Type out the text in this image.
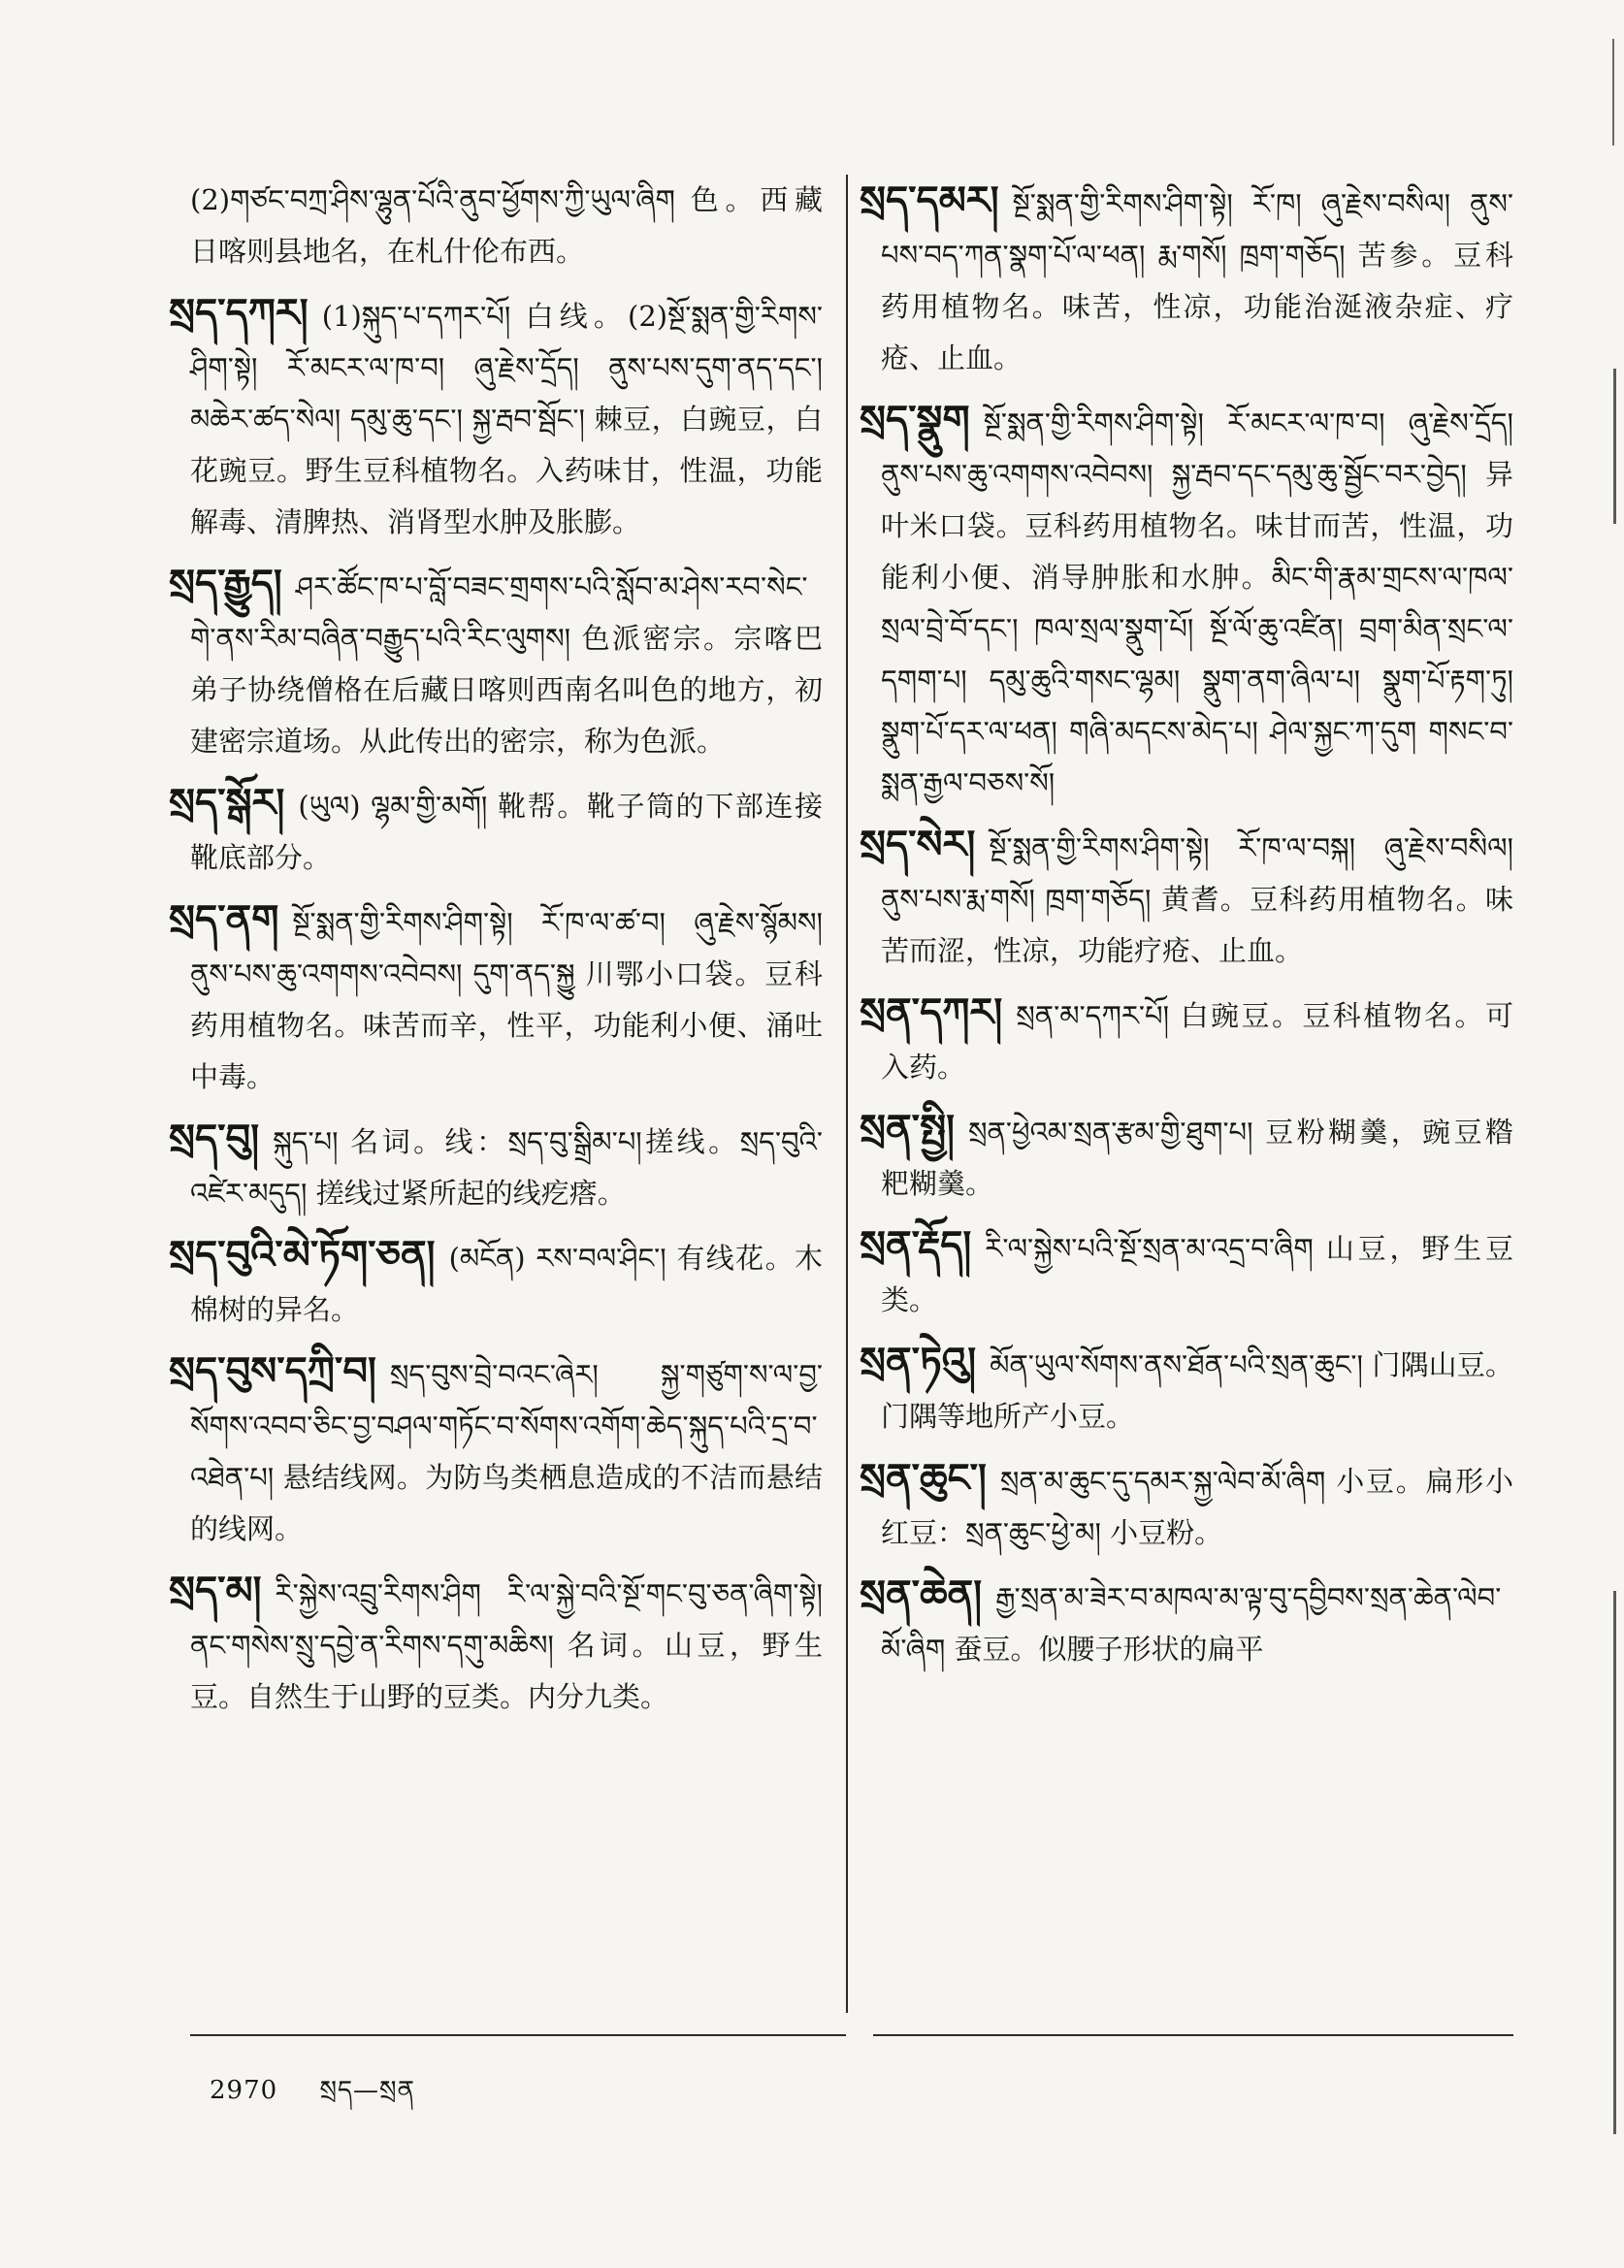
(2)གཙང་བཀྲ་ཤིས་ལྷུན་པོའི་ནུབ་ཕྱོགས་ཀྱི་ཡུལ་ཞིག 色。西藏日喀则县地名，在札什伦布西。

སྲད་དཀར། (1)སྐུད་པ་དཀར་པོ། 白线。(2)སྔོ་སྨན་གྱི་རིགས་ཤིག་སྟེ། རོ་མངར་ལ་ཁ་བ། ཞུ་རྗེས་དྲོད། ནུས་པས་དུག་ནད་དང་། མཆེར་ཚད་སེལ། དམུ་ཆུ་དང་། སྐྱ་རྦབ་སྦོང་། 棘豆，白豌豆，白花豌豆。野生豆科植物名。入药味甘，性温，功能解毒、清脾热、消肾型水肿及胀膨。

སྲད་རྒྱུད། ཤར་ཚོང་ཁ་པ་བློ་བཟང་གྲགས་པའི་སློབ་མ་ཤེས་རབ་སེང་གེ་ནས་རིམ་བཞིན་བརྒྱུད་པའི་རིང་ལུགས། 色派密宗。宗喀巴弟子协绕僧格在后藏日喀则西南名叫色的地方，初建密宗道场。从此传出的密宗，称为色派。

སྲད་སྒོར། (ཡུལ) ལྷམ་གྱི་མགོ། 靴帮。靴子筒的下部连接靴底部分。

སྲད་ནག སྔོ་སྨན་གྱི་རིགས་ཤིག་སྟེ། རོ་ཁ་ལ་ཚ་བ། ཞུ་རྗེས་སྙོམས། ནུས་པས་ཆུ་འགགས་འབེབས། དུག་ནད་སྐྱུ 川鄂小口袋。豆科药用植物名。味苦而辛，性平，功能利小便、涌吐中毒。

སྲད་བུ། སྐུད་པ། 名词。线：སྲད་བུ་སྒྲིམ་པ།搓线。སྲད་བུའི་འཛེར་མདུད། 搓线过紧所起的线疙瘩。

སྲད་བུའི་མེ་ཏོག་ཅན། (མངོན) རས་བལ་ཤིང་། 有线花。木棉树的异名。

སྲད་བུས་དཀྲི་བ། སྲད་བུས་བྲེ་བའང་ཞེར། སྐྱ་གཙུག་ས་ལ་བྱ་སོགས་འབབ་ཅིང་བྱ་བཤལ་གཏོང་བ་སོགས་འགོག་ཆེད་སྐུད་པའི་དྲ་བ་འཐེན་པ། 悬结线网。为防鸟类栖息造成的不洁而悬结的线网。

སྲད་མ། རི་སྐྱེས་འབྲུ་རིགས་ཤིག རི་ལ་སྐྱེ་བའི་སྔོ་གང་བུ་ཅན་ཞིག་སྟེ། ནང་གསེས་སྲུ་དབྱེ་ན་རིགས་དགུ་མཆིས། 名词。山豆，野生豆。自然生于山野的豆类。内分九类。

སྲད་དམར། སྔོ་སྨན་གྱི་རིགས་ཤིག་སྟེ། རོ་ཁ། ཞུ་རྗེས་བསིལ། ནུས་པས་བད་ཀན་སྣག་པོ་ལ་ཕན། རྨ་གསོ། ཁྲག་གཅོད། 苦参。豆科药用植物名。味苦，性凉，功能治涎液杂症、疗疮、止血。

སྲད་སྣུག སྔོ་སྨན་གྱི་རིགས་ཤིག་སྟེ། རོ་མངར་ལ་ཁ་བ། ཞུ་རྗེས་དྲོད། ནུས་པས་ཆུ་འགགས་འབེབས། སྐྱ་རྦབ་དང་དམུ་ཆུ་སྦྱོང་བར་བྱེད། 异叶米口袋。豆科药用植物名。味甘而苦，性温，功能利小便、消导肿胀和水肿。མིང་གི་རྣམ་གྲངས་ལ་ཁལ་སྲལ་བྲེ་བོ་དང་། ཁལ་སྲལ་སྣུག་པོ། སྔོ་ལོ་ཆུ་འཛིན། བྲག་མིན་སྲང་ལ་དགག་པ། དམུ་ཆུའི་གསང་ལྷམ། སྣུག་ནག་ཞིལ་པ། སྣུག་པོ་རྟག་ཏུ། སྣུག་པོ་དར་ལ་ཕན། གཞི་མདངས་མེད་པ། ཤེལ་སྐྱང་ཀ་དུག གསང་བ་སྨན་རྒྱལ་བཅས་སོ།

སྲད་སེར། སྔོ་སྨན་གྱི་རིགས་ཤིག་སྟེ། རོ་ཁ་ལ་བསྐ། ཞུ་རྗེས་བསིལ། ནུས་པས་རྨ་གསོ། ཁྲག་གཅོད། 黄耆。豆科药用植物名。味苦而涩，性凉，功能疗疮、止血。

སྲན་དཀར། སྲན་མ་དཀར་པོ། 白豌豆。豆科植物名。可入药。

སྲན་སྤྱི། སྲན་ཕྱེའམ་སྲན་རྩམ་གྱི་ཐུག་པ། 豆粉糊羹，豌豆糌粑糊羹。

སྲན་རྡོད། རི་ལ་སྐྱེས་པའི་སྔོ་སྲན་མ་འདྲ་བ་ཞིག 山豆，野生豆类。

སྲན་ཏེའུ། མོན་ཡུལ་སོགས་ནས་ཐོན་པའི་སྲན་ཆུང་། 门隅山豆。门隅等地所产小豆。

སྲན་ཆུང་། སྲན་མ་ཆུང་དུ་དམར་སྐྱ་ལེབ་མོ་ཞིག 小豆。扁形小红豆：སྲན་ཆུང་ཕྱེ་མ། 小豆粉。

སྲན་ཆེན། རྒྱ་སྲན་མ་ཟེར་བ་མཁལ་མ་ལྟ་བུ་དབྱིབས་སྲན་ཆེན་ལེབ་མོ་ཞིག 蚕豆。似腰子形状的扁平

2970 སྲད—སྲན
